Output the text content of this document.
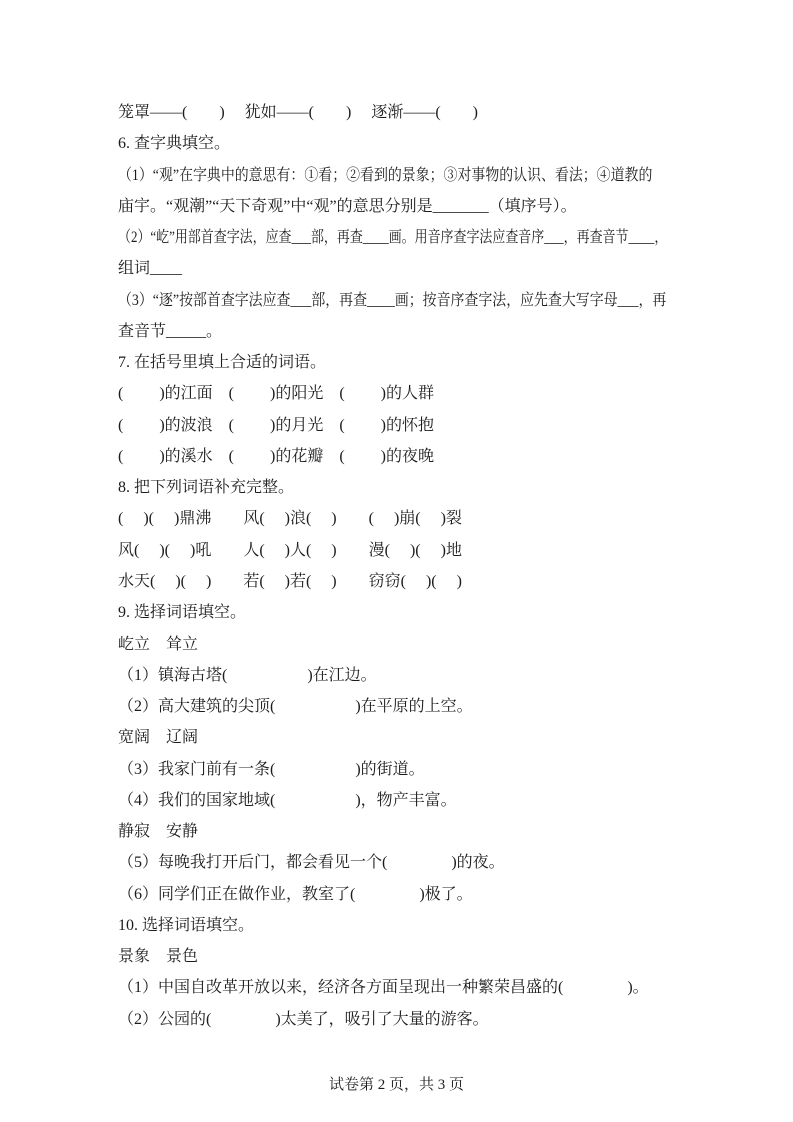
笼罩——(　　)　 犹如——(　　)　 逐渐——(　　)
6. 查字典填空。
（1）“观”在字典中的意思有：①看；②看到的景象；③对事物的认识、看法；④道教的
庙宇。“观潮”“天下奇观”中“观”的意思分别是_______（填序号）。
（2）“屹”用部首查字法，应查___部，再查____画。用音序查字法应查音序___，再查音节____，
组词____
（3）“逐”按部首查字法应查___部，再查____画；按音序查字法，应先查大写字母___，再
查音节_____。
7. 在括号里填上合适的词语。
(　　 )的江面　(　　 )的阳光　(　　 )的人群
(　　 )的波浪　(　　 )的月光　(　　 )的怀抱
(　　 )的溪水　(　　 )的花瓣　(　　 )的夜晚
8. 把下列词语补充完整。
(　 )(　 )鼎沸　　风(　 )浪(　 )　　(　 )崩(　 )裂
风(　 )(　 )吼　　人(　 )人(　 )　　漫(　 )(　 )地
水天(　 )(　 )　　若(　 )若(　 )　　窃窃(　 )(　 )
9. 选择词语填空。
屹立　耸立
（1）镇海古塔(　　　　　)在江边。
（2）高大建筑的尖顶(　　　　　)在平原的上空。
宽阔　辽阔
（3）我家门前有一条(　　　　　)的街道。
（4）我们的国家地域(　　　　　)，物产丰富。
静寂　安静
（5）每晚我打开后门，都会看见一个(　　　　)的夜。
（6）同学们正在做作业，教室了(　　　　)极了。
10. 选择词语填空。
景象　景色
（1）中国自改革开放以来，经济各方面呈现出一种繁荣昌盛的(　　　　)。
（2）公园的(　　　　)太美了，吸引了大量的游客。
试卷第 2 页，共 3 页
